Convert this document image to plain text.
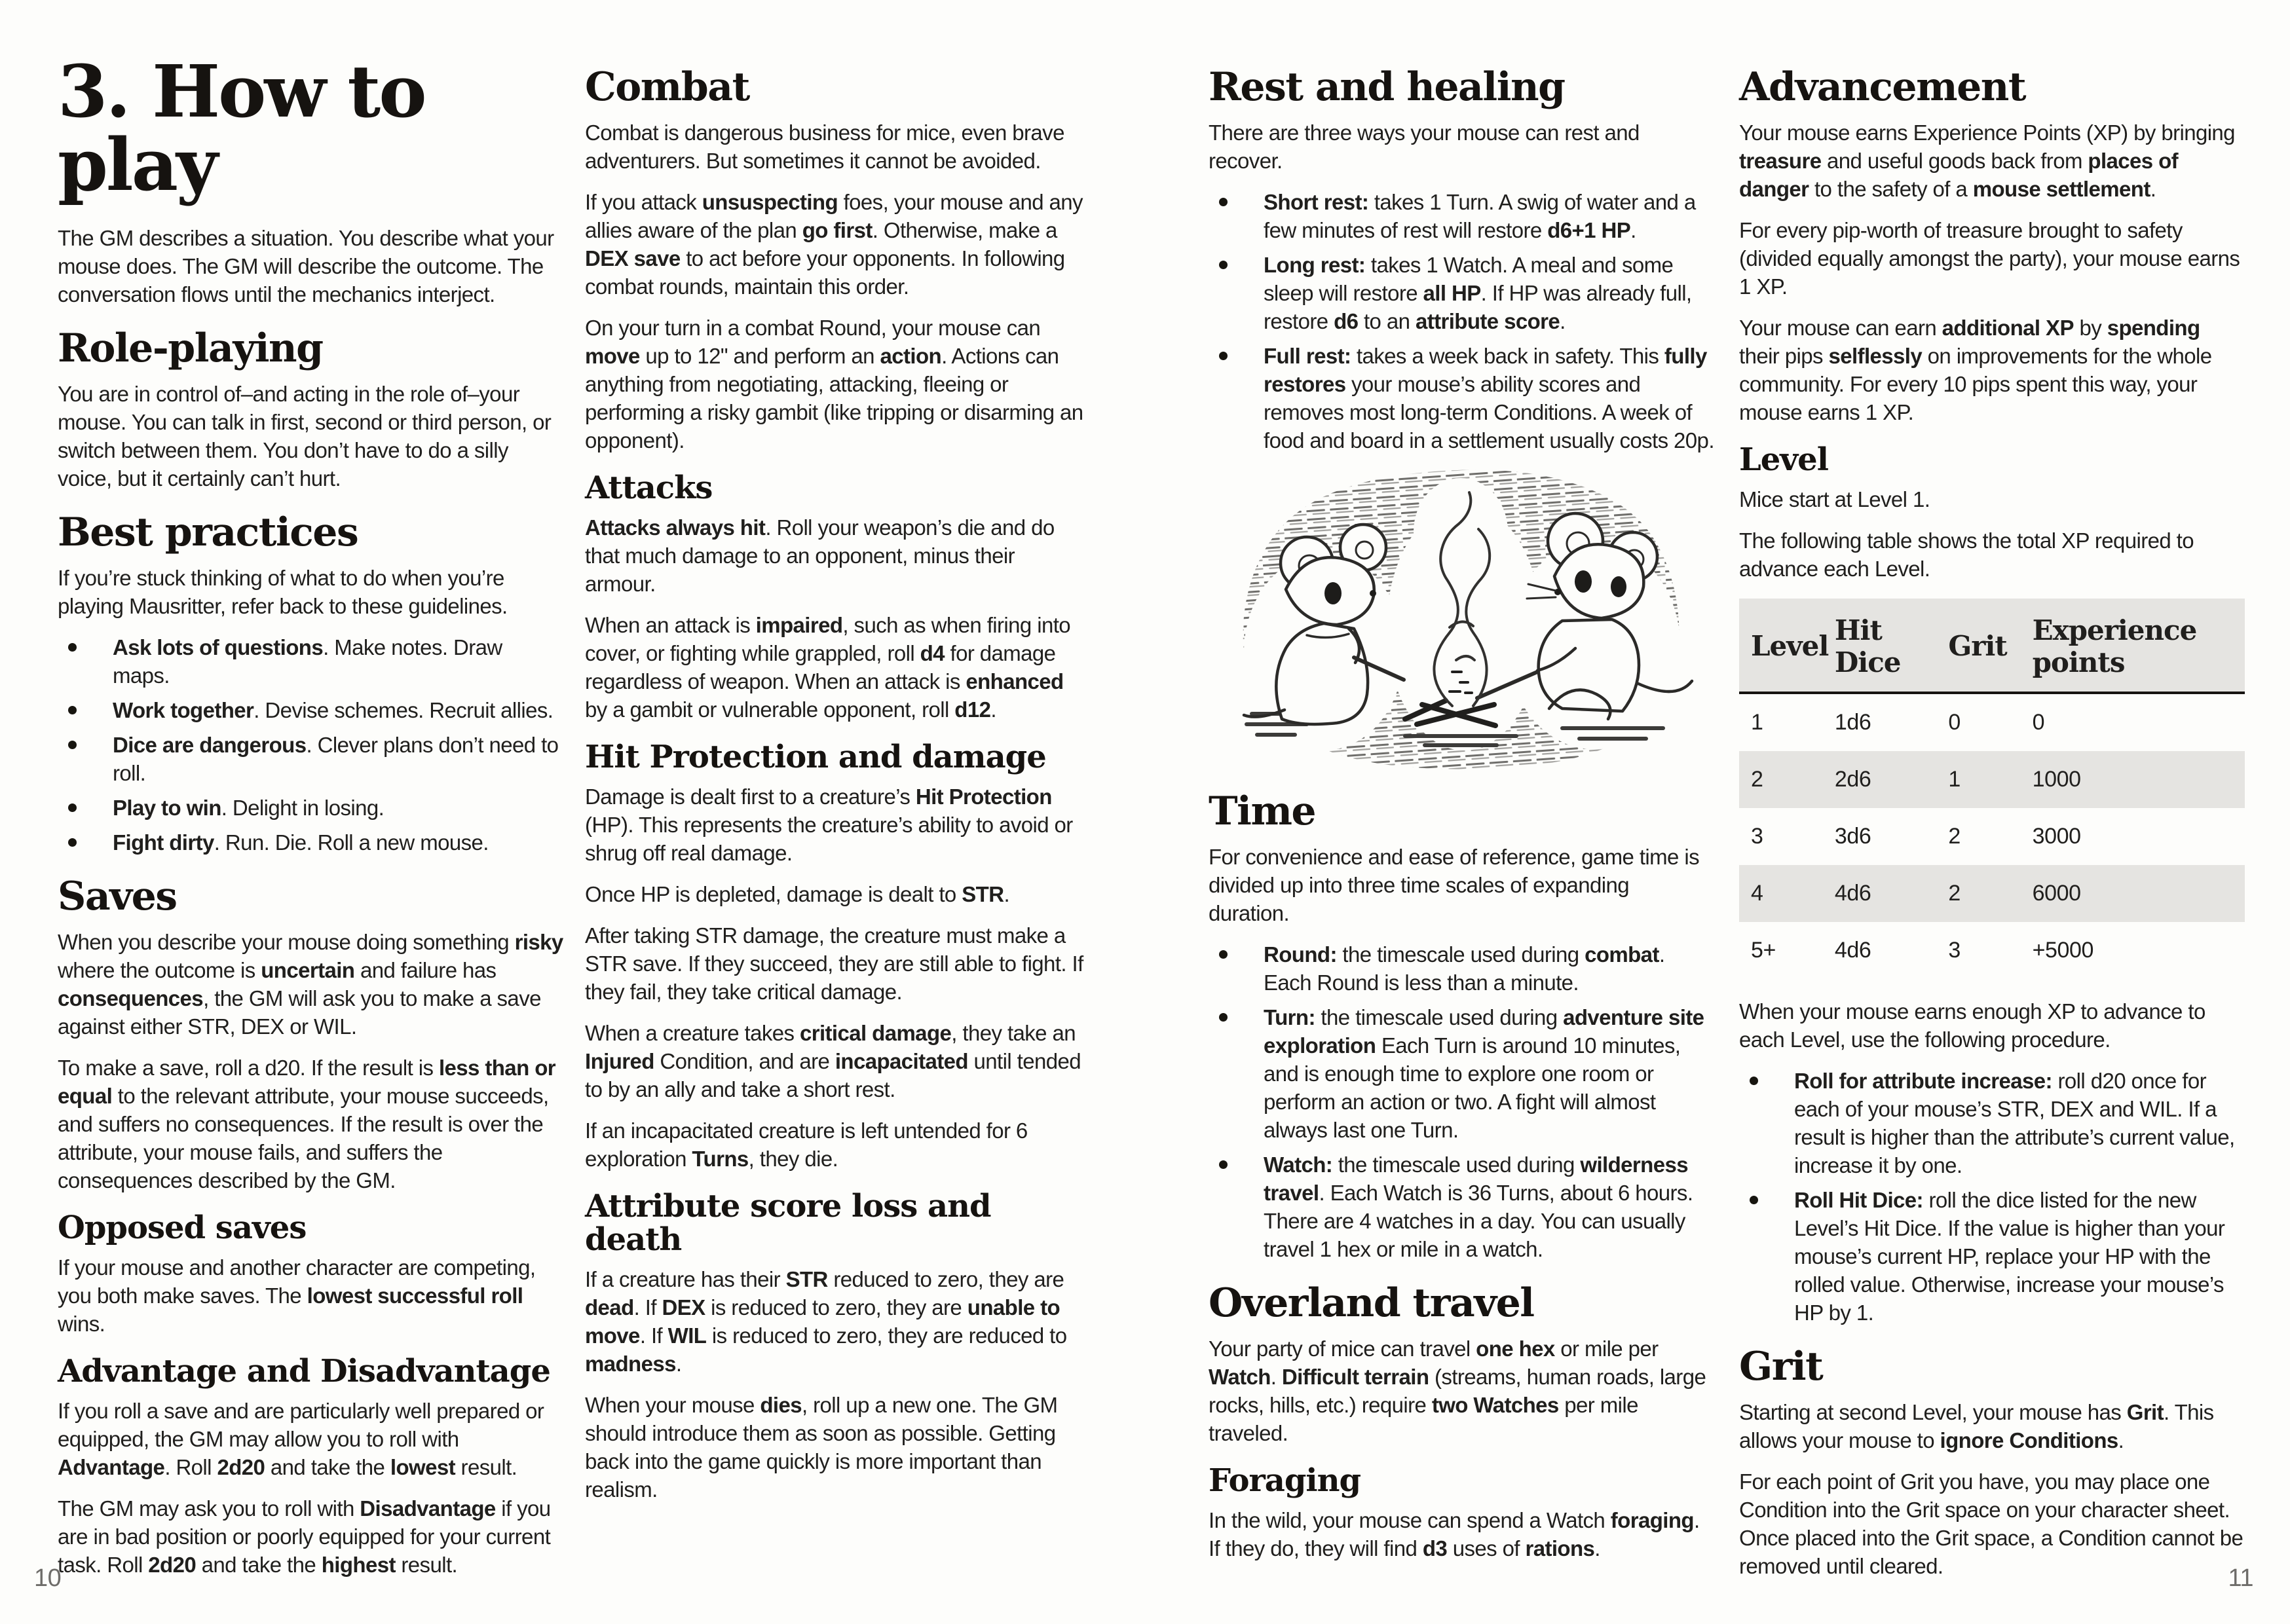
3. How to play

The GM describes a situation. You describe what your mouse does. The GM will describe the outcome. The conversation flows until the mechanics interject.

Role-playing

You are in control of–and acting in the role of–your mouse. You can talk in first, second or third person, or switch between them. You don’t have to do a silly voice, but it certainly can’t hurt.

Best practices

If you’re stuck thinking of what to do when you’re playing Mausritter, refer back to these guidelines.

Ask lots of questions. Make notes. Draw maps.
Work together. Devise schemes. Recruit allies.
Dice are dangerous. Clever plans don’t need to roll.
Play to win. Delight in losing.
Fight dirty. Run. Die. Roll a new mouse.
Saves

When you describe your mouse doing something risky where the outcome is uncertain and failure has consequences, the GM will ask you to make a save against either STR, DEX or WIL.

To make a save, roll a d20. If the result is less than or equal to the relevant attribute, your mouse succeeds, and suffers no consequences. If the result is over the attribute, your mouse fails, and suffers the consequences described by the GM.

Opposed saves

If your mouse and another character are competing, you both make saves. The lowest successful roll wins.

Advantage and Disadvantage

If you roll a save and are particularly well prepared or equipped, the GM may allow you to roll with Advantage. Roll 2d20 and take the lowest result.

The GM may ask you to roll with Disadvantage if you are in bad position or poorly equipped for your current task. Roll 2d20 and take the highest result.

Combat

Combat is dangerous business for mice, even brave adventurers. But sometimes it cannot be avoided.

If you attack unsuspecting foes, your mouse and any allies aware of the plan go first. Otherwise, make a DEX save to act before your opponents. In following combat rounds, maintain this order.

On your turn in a combat Round, your mouse can move up to 12" and perform an action. Actions can anything from negotiating, attacking, fleeing or performing a risky gambit (like tripping or disarming an opponent).

Attacks

Attacks always hit. Roll your weapon’s die and do that much damage to an opponent, minus their armour.

When an attack is impaired, such as when firing into cover, or fighting while grappled, roll d4 for damage regardless of weapon. When an attack is enhanced by a gambit or vulnerable opponent, roll d12.

Hit Protection and damage

Damage is dealt first to a creature’s Hit Protection (HP). This represents the creature’s ability to avoid or shrug off real damage.

Once HP is depleted, damage is dealt to STR.

After taking STR damage, the creature must make a STR save. If they succeed, they are still able to fight. If they fail, they take critical damage.

When a creature takes critical damage, they take an Injured Condition, and are incapacitated until tended to by an ally and take a short rest.

If an incapacitated creature is left untended for 6 exploration Turns, they die.

Attribute score loss and death

If a creature has their STR reduced to zero, they are dead. If DEX is reduced to zero, they are unable to move. If WIL is reduced to zero, they are reduced to madness.

When your mouse dies, roll up a new one. The GM should introduce them as soon as possible. Getting back into the game quickly is more important than realism.

Rest and healing

There are three ways your mouse can rest and recover.

Short rest: takes 1 Turn. A swig of water and a few minutes of rest will restore d6+1 HP.
Long rest: takes 1 Watch. A meal and some sleep will restore all HP. If HP was already full, restore d6 to an attribute score.
Full rest: takes a week back in safety. This fully restores your mouse’s ability scores and removes most long-term Conditions. A week of food and board in a settlement usually costs 20p.
Time

For convenience and ease of reference, game time is divided up into three time scales of expanding duration.

Round: the timescale used during combat. Each Round is less than a minute.
Turn: the timescale used during adventure site exploration Each Turn is around 10 minutes, and is enough time to explore one room or perform an action or two. A fight will almost always last one Turn.
Watch: the timescale used during wilderness travel. Each Watch is 36 Turns, about 6 hours. There are 4 watches in a day. You can usually travel 1 hex or mile in a watch.
Overland travel

Your party of mice can travel one hex or mile per Watch. Difficult terrain (streams, human roads, large rocks, hills, etc.) require two Watches per mile traveled.

Foraging

In the wild, your mouse can spend a Watch foraging. If they do, they will find d3 uses of rations.

Advancement

Your mouse earns Experience Points (XP) by bringing treasure and useful goods back from places of danger to the safety of a mouse settlement.

For every pip-worth of treasure brought to safety (divided equally amongst the party), your mouse earns 1 XP.

Your mouse can earn additional XP by spending their pips selflessly on improvements for the whole community. For every 10 pips spent this way, your mouse earns 1 XP.

Level

Mice start at Level 1.

The following table shows the total XP required to advance each Level.

Level	Hit Dice	Grit	Experience points
1	1d6	0	0
2	2d6	1	1000
3	3d6	2	3000
4	4d6	2	6000
5+	4d6	3	+5000

When your mouse earns enough XP to advance to each Level, use the following procedure.

Roll for attribute increase: roll d20 once for each of your mouse’s STR, DEX and WIL. If a result is higher than the attribute’s current value, increase it by one.
Roll Hit Dice: roll the dice listed for the new Level’s Hit Dice. If the value is higher than your mouse’s current HP, replace your HP with the rolled value. Otherwise, increase your mouse’s HP by 1.
Grit

Starting at second Level, your mouse has Grit. This allows your mouse to ignore Conditions.

For each point of Grit you have, you may place one Condition into the Grit space on your character sheet. Once placed into the Grit space, a Condition cannot be removed until cleared.

10	11
